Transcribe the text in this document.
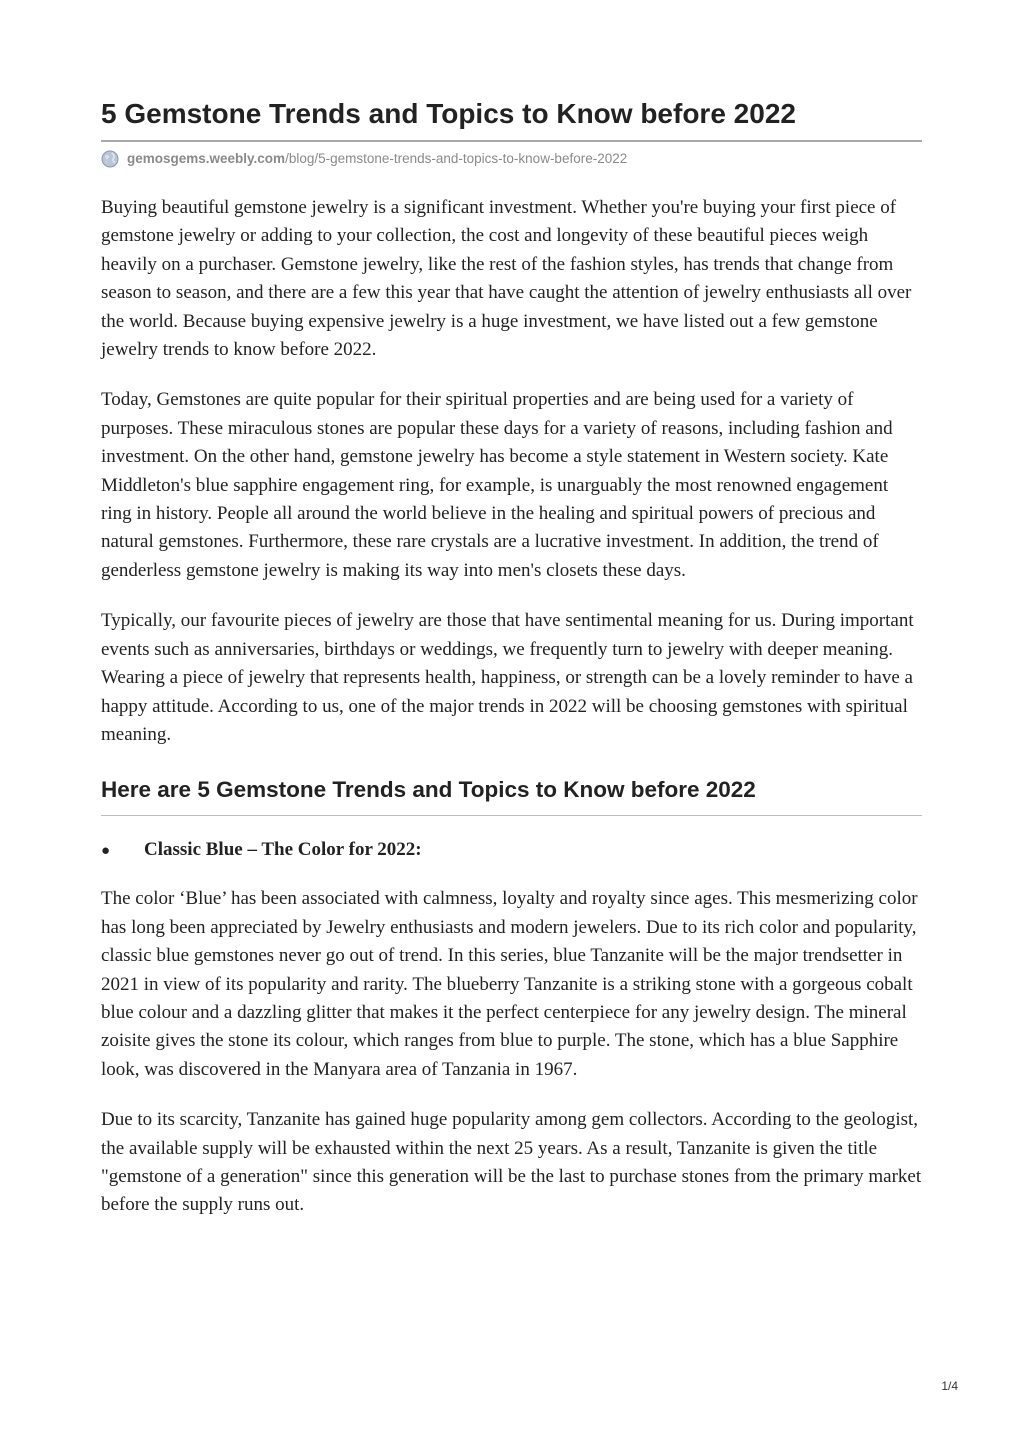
5 Gemstone Trends and Topics to Know before 2022
gemosgems.weebly.com /blog/5-gemstone-trends-and-topics-to-know-before-2022

Buying beautiful gemstone jewelry is a significant investment. Whether you're buying your first piece of gemstone jewelry or adding to your collection, the cost and longevity of these beautiful pieces weigh heavily on a purchaser. Gemstone jewelry, like the rest of the fashion styles, has trends that change from season to season, and there are a few this year that have caught the attention of jewelry enthusiasts all over the world. Because buying expensive jewelry is a huge investment, we have listed out a few gemstone jewelry trends to know before 2022.

Today, Gemstones are quite popular for their spiritual properties and are being used for a variety of purposes. These miraculous stones are popular these days for a variety of reasons, including fashion and investment. On the other hand, gemstone jewelry has become a style statement in Western society. Kate Middleton's blue sapphire engagement ring, for example, is unarguably the most renowned engagement ring in history. People all around the world believe in the healing and spiritual powers of precious and natural gemstones. Furthermore, these rare crystals are a lucrative investment. In addition, the trend of genderless gemstone jewelry is making its way into men's closets these days.

Typically, our favourite pieces of jewelry are those that have sentimental meaning for us. During important events such as anniversaries, birthdays or weddings, we frequently turn to jewelry with deeper meaning. Wearing a piece of jewelry that represents health, happiness, or strength can be a lovely reminder to have a happy attitude. According to us, one of the major trends in 2022 will be choosing gemstones with spiritual meaning.

Here are 5 Gemstone Trends and Topics to Know before 2022
●	Classic Blue – The Color for 2022:

The color ‘Blue’ has been associated with calmness, loyalty and royalty since ages. This mesmerizing color has long been appreciated by Jewelry enthusiasts and modern jewelers. Due to its rich color and popularity, classic blue gemstones never go out of trend. In this series, blue Tanzanite will be the major trendsetter in 2021 in view of its popularity and rarity. The blueberry Tanzanite is a striking stone with a gorgeous cobalt blue colour and a dazzling glitter that makes it the perfect centerpiece for any jewelry design. The mineral zoisite gives the stone its colour, which ranges from blue to purple. The stone, which has a blue Sapphire look, was discovered in the Manyara area of Tanzania in 1967.

Due to its scarcity, Tanzanite has gained huge popularity among gem collectors. According to the geologist, the available supply will be exhausted within the next 25 years. As a result, Tanzanite is given the title "gemstone of a generation" since this generation will be the last to purchase stones from the primary market before the supply runs out.

1/4
